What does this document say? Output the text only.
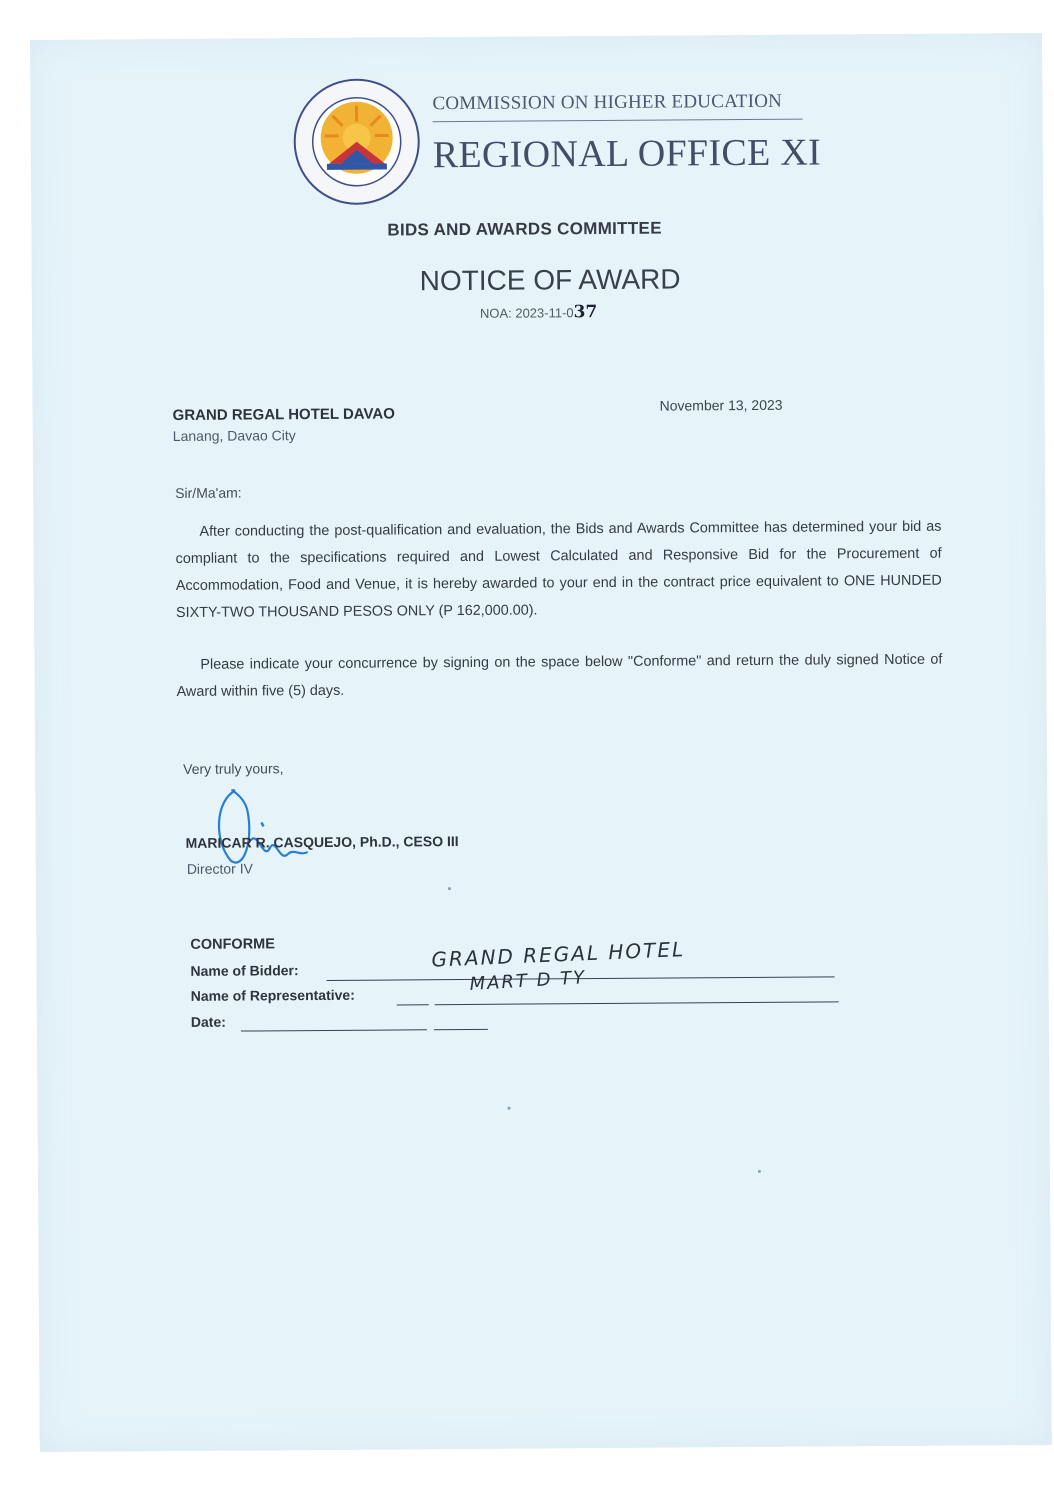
COMMISSION ON HIGHER EDUCATION
REGIONAL OFFICE XI
BIDS AND AWARDS COMMITTEE
NOTICE OF AWARD
NOA: 2023-11-037
GRAND REGAL HOTEL DAVAO
Lanang, Davao City
November 13, 2023
Sir/Ma'am:
After conducting the post-qualification and evaluation, the Bids and Awards Committee has determined your bid as compliant to the specifications required and Lowest Calculated and Responsive Bid for the Procurement of Accommodation, Food and Venue, it is hereby awarded to your end in the contract price equivalent to ONE HUNDED SIXTY-TWO THOUSAND PESOS ONLY (P 162,000.00).
Please indicate your concurrence by signing on the space below "Conforme" and return the duly signed Notice of Award within five (5) days.
Very truly yours,
MARICAR R. CASQUEJO, Ph.D., CESO III
Director IV
CONFORME
Name of Bidder:	GRAND REGAL HOTEL
Name of Representative:
MART D TY
Date:
